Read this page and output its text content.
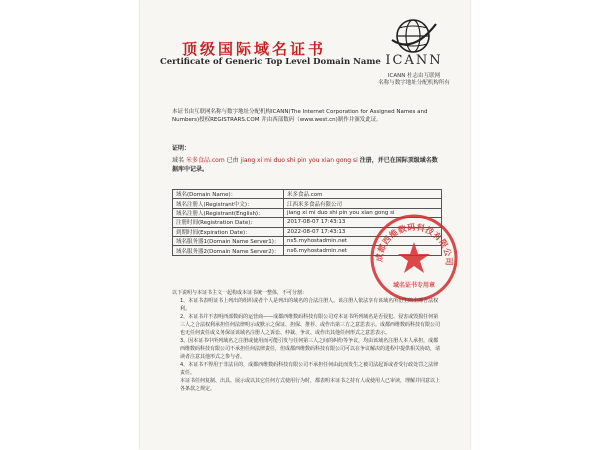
顶级国际域名证书
Certificate of Generic Top Level Domain Name ICANN
ICANN 杜志由互联网
名称与数字地址分配机构所有
本证书由互联网名称与数字地址分配机构ICANN(The Internet Corporation for Assigned Names and Numbers)授权REGISTRARS.COM 并由西部数码（www.west.cn)制作并颁发此证。
证明：
域名 米多食品.com 已由 jiang xi mi duo shi pin you xian gong si 注册，并已在国际顶级域名数据库中记录。
域名(Domain Name)：	米多食品.com
域名注册人(Registrant中文)：	江西米多食品有限公司
域名注册人(Registrant(English)：	jiang xi mi duo shi pin you xian gong si
注册时间(Registration Date)：	2017-08-07 17:43:13
到期时间(Expiration Date)：	2022-08-07 17:43:13
域名服务器1(Domain Name Server1)：	ns5.myhostadmin.net
域名服务器2(Domain Name Server2)：	ns6.myhostadmin.net
成都西维数码科技有限公司
域名证书专用章

以下说明与本证书主文一起构成本证书统一整体，不可分割：

1、本证书表明证书上列出的组织或者个人是列出的域名的合法注册人。该注册人依法享有该域名所衍生的全部合法权利。

2、本证书并不表明西部数码的运营商——成都西维数码科技有限公司对本证书所列域名是否侵犯、侵害或毁损任何第三人之合法权利承担任何法律明示或默示之保证、担保、推荐、或作出第三方之意思表示。成都西维数码科技有限公司也无任何责任或义务保证该域名注册人之诉讼、仲裁、争议、或作出其他任何形式之意思表示。

3、因本证书中所列域名之注册或使用而可能引发与任何第三人之间的纠纷等争议，均由该域名注册人本人承担。成都西维数码科技有限公司不承担任何法律责任，但成都西维数码科技有限公司可以在争议解决的进程中提供相关协助，请读者注意其他形式之参与者。

4、本证书不得用于非法目的，成都西维数码科技有限公司不承担任何由此而发生之被司法起诉或者受行政处罚之法律责任。

本证书任何复制、出具、展示或以其它任何方式使用行为时，都表明本证书之持有人或使用人已审读，理解并同意以上各条款之规定。
